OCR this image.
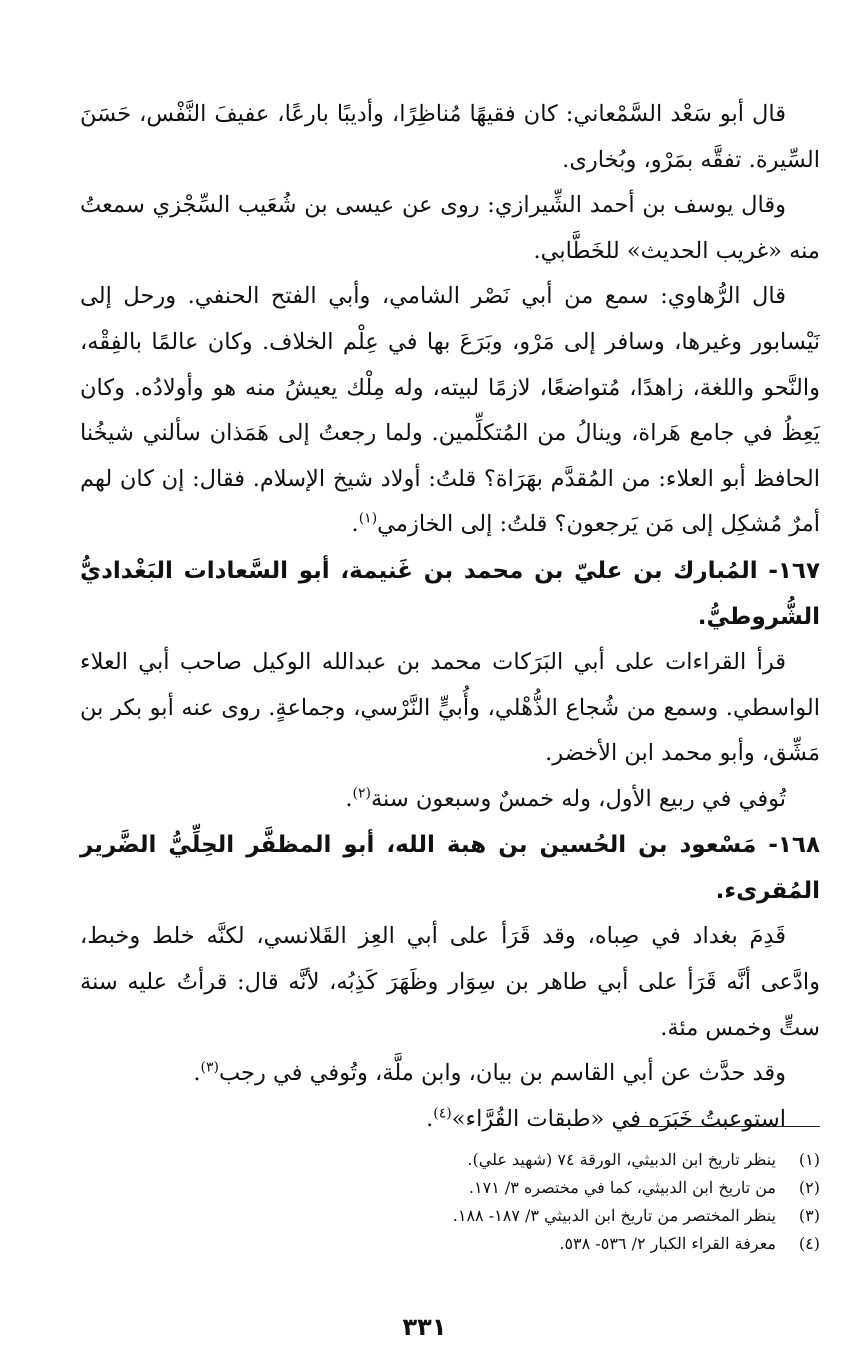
قال أبو سَعْد السَّمْعاني: كان فقيهًا مُناظِرًا، وأديبًا بارعًا، عفيفَ النَّفْس، حَسَنَ السِّيرة. تفقَّه بمَرْو، وبُخارى.

وقال يوسف بن أحمد الشِّيرازي: روى عن عيسى بن شُعَيب السِّجْزي سمعتُ منه «غريب الحديث» للخَطَّابي.

قال الرُّهاوي: سمع من أبي نَصْر الشامي، وأبي الفتح الحنفي. ورحل إلى نَيْسابور وغيرها، وسافر إلى مَرْو، وبَرَعَ بها في عِلْم الخلاف. وكان عالمًا بالفِقْه، والنَّحو واللغة، زاهدًا، مُتواضعًا، لازمًا لبيته، وله مِلْك يعيشُ منه هو وأولادُه. وكان يَعِظُ في جامع هَراة، وينالُ من المُتكلِّمين. ولما رجعتُ إلى هَمَذان سألني شيخُنا الحافظ أبو العلاء: من المُقدَّم بهَرَاة؟ قلتُ: أولاد شيخ الإسلام. فقال: إن كان لهم أمرٌ مُشكِل إلى مَن يَرجعون؟ قلتُ: إلى الخازمي$^{(١)}$.

١٦٧- المُبارك بن عليّ بن محمد بن غَنيمة، أبو السَّعادات البَغْداديُّ الشُّروطيُّ.

قرأ القراءات على أبي البَرَكات محمد بن عبدالله الوكيل صاحب أبي العلاء الواسطي. وسمع من شُجاع الذُّهْلي، وأُبيٍّ النَّرْسي، وجماعةٍ. روى عنه أبو بكر بن مَشِّق، وأبو محمد ابن الأخضر.

تُوفي في ربيع الأول، وله خمسٌ وسبعون سنة$^{(٢)}$.

١٦٨- مَسْعود بن الحُسين بن هبة الله، أبو المظفَّر الحِلِّيُّ الضَّرير المُقرىء.

قَدِمَ بغداد في صِباه، وقد قَرَأ على أبي العِز القَلانسي، لكنَّه خلط وخبط، وادَّعى أنَّه قَرَأ على أبي طاهر بن سِوَار وظَهَرَ كَذِبُه، لأنَّه قال: قرأتُ عليه سنة ستٍّ وخمس مئة.

وقد حدَّث عن أبي القاسم بن بيان، وابن ملَّة، وتُوفي في رجب$^{(٣)}$.

استوعبتُ خَبَرَه في «طبقات القُرَّاء»$^{(٤)}$.

(١)
ينظر تاريخ ابن الدبيثي، الورقة ٧٤ (شهيد علي).
(٢)
من تاريخ ابن الدبيثي، كما في مختصره ٣/ ١٧١.
(٣)
ينظر المختصر من تاريخ ابن الدبيثي ٣/ ١٨٧- ١٨٨.
(٤)
معرفة القراء الكبار ٢/ ٥٣٦- ٥٣٨.
٣٣١
